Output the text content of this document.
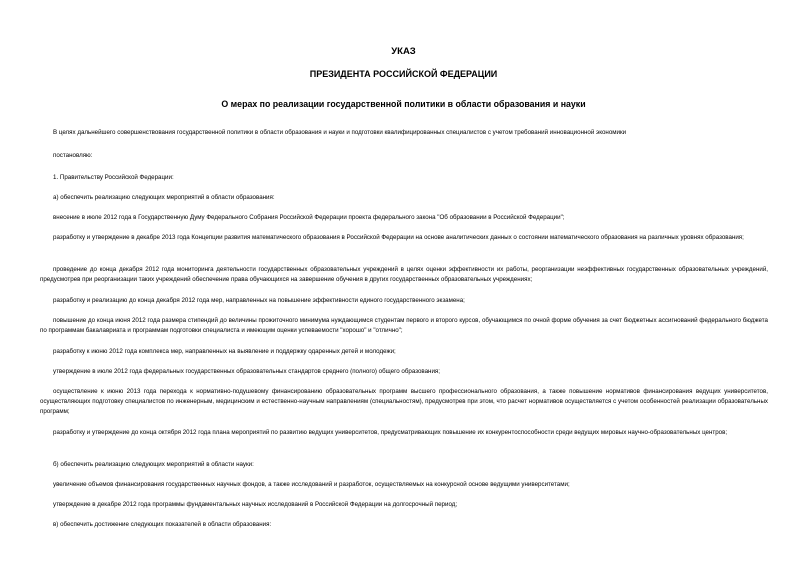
УКАЗ
ПРЕЗИДЕНТА РОССИЙСКОЙ ФЕДЕРАЦИИ
О мерах по реализации государственной политики в области образования и науки
В целях дальнейшего совершенствования государственной политики в области образования и науки и подготовки квалифицированных специалистов с учетом требований инновационной экономики
постановляю:
1. Правительству Российской Федерации:
а) обеспечить реализацию следующих мероприятий в области образования:
внесение в июле 2012 года в Государственную Думу Федерального Собрания Российской Федерации проекта федерального закона "Об образовании в Российской Федерации";
разработку и утверждение в декабре 2013 года Концепции развития математического образования в Российской Федерации на основе аналитических данных о состоянии математического образования на различных уровнях образования;
проведение до конца декабря 2012 года мониторинга деятельности государственных образовательных учреждений в целях оценки эффективности их работы, реорганизации неэффективных государственных образовательных учреждений, предусмотрев при реорганизации таких учреждений обеспечение права обучающихся на завершение обучения в других государственных образовательных учреждениях;
разработку и реализацию до конца декабря 2012 года мер, направленных на повышение эффективности единого государственного экзамена;
повышение до конца июня 2012 года размера стипендий до величины прожиточного минимума нуждающимся студентам первого и второго курсов, обучающимся по очной форме обучения за счет бюджетных ассигнований федерального бюджета по программам бакалавриата и программам подготовки специалиста и имеющим оценки успеваемости "хорошо" и "отлично";
разработку к июню 2012 года комплекса мер, направленных на выявление и поддержку одаренных детей и молодежи;
утверждение в июле 2012 года федеральных государственных образовательных стандартов среднего (полного) общего образования;
осуществление к июню 2013 года перехода к нормативно-подушевому финансированию образовательных программ высшего профессионального образования, а также повышение нормативов финансирования ведущих университетов, осуществляющих подготовку специалистов по инженерным, медицинским и естественно-научным направлениям (специальностям), предусмотрев при этом, что расчет нормативов осуществляется с учетом особенностей реализации образовательных программ;
разработку и утверждение до конца октября 2012 года плана мероприятий по развитию ведущих университетов, предусматривающих повышение их конкурентоспособности среди ведущих мировых научно-образовательных центров;
б) обеспечить реализацию следующих мероприятий в области науки:
увеличение объемов финансирования государственных научных фондов, а также исследований и разработок, осуществляемых на конкурсной основе ведущими университетами;
утверждение в декабре 2012 года программы фундаментальных научных исследований в Российской Федерации на долгосрочный период;
в) обеспечить достижение следующих показателей в области образования:
